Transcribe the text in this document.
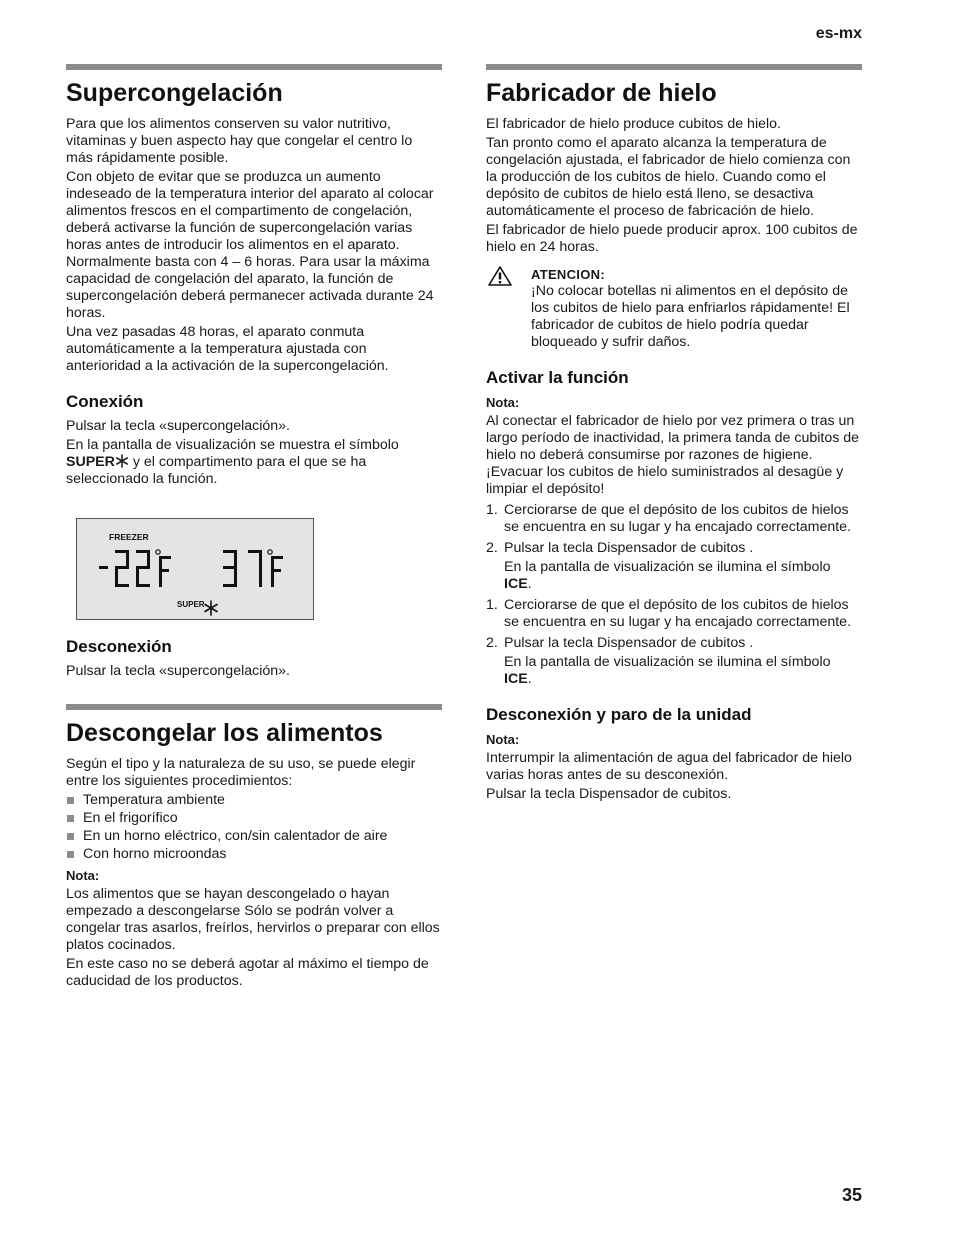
es-mx
Supercongelación

Para que los alimentos conserven su valor nutritivo, vitaminas y buen aspecto hay que congelar el centro lo más rápidamente posible.

Con objeto de evitar que se produzca un aumento indeseado de la temperatura interior del aparato al colocar alimentos frescos en el compartimento de congelación, deberá activarse la función de supercongelación varias horas antes de introducir los alimentos en el aparato. Normalmente basta con 4 – 6 horas. Para usar la máxima capacidad de congelación del aparato, la función de supercongelación deberá permanecer activada durante 24 horas.

Una vez pasadas 48 horas, el aparato conmuta automáticamente a la temperatura ajustada con anterioridad a la activación de la supercongelación.

Conexión

Pulsar la tecla «supercongelación».

En la pantalla de visualización se muestra el símbolo SUPER y el compartimento para el que se ha seleccionado la función.

FREEZER
SUPER
Desconexión

Pulsar la tecla «supercongelación».

Descongelar los alimentos

Según el tipo y la naturaleza de su uso, se puede elegir entre los siguientes procedimientos:

Temperatura ambiente
En el frigorífico
En un horno eléctrico, con/sin calentador de aire
Con horno microondas

Nota:

Los alimentos que se hayan descongelado o hayan empezado a descongelarse Sólo se podrán volver a congelar tras asarlos, freírlos, hervirlos o preparar con ellos platos cocinados.

En este caso no se deberá agotar al máximo el tiempo de caducidad de los productos.

Fabricador de hielo

El fabricador de hielo produce cubitos de hielo.

Tan pronto como el aparato alcanza la temperatura de congelación ajustada, el fabricador de hielo comienza con la producción de los cubitos de hielo. Cuando como el depósito de cubitos de hielo está lleno, se desactiva automáticamente el proceso de fabricación de hielo.

El fabricador de hielo puede producir aprox. 100 cubitos de hielo en 24 horas.

ATENCION:

¡No colocar botellas ni alimentos en el depósito de los cubitos de hielo para enfriarlos rápidamente! El fabricador de cubitos de hielo podría quedar bloqueado y sufrir daños.

Activar la función

Nota:

Al conectar el fabricador de hielo por vez primera o tras un largo período de inactividad, la primera tanda de cubitos de hielo no deberá consumirse por razones de higiene. ¡Evacuar los cubitos de hielo suministrados al desagüe y limpiar el depósito!

1. Cerciorarse de que el depósito de los cubitos de hielos se encuentra en su lugar y ha encajado correctamente.
2. Pulsar la tecla Dispensador de cubitos .
En la pantalla de visualización se ilumina el símbolo ICE.
1. Cerciorarse de que el depósito de los cubitos de hielos se encuentra en su lugar y ha encajado correctamente.
2. Pulsar la tecla Dispensador de cubitos .
En la pantalla de visualización se ilumina el símbolo ICE.
Desconexión y paro de la unidad

Nota:

Interrumpir la alimentación de agua del fabricador de hielo varias horas antes de su desconexión.

Pulsar la tecla Dispensador de cubitos.

35
